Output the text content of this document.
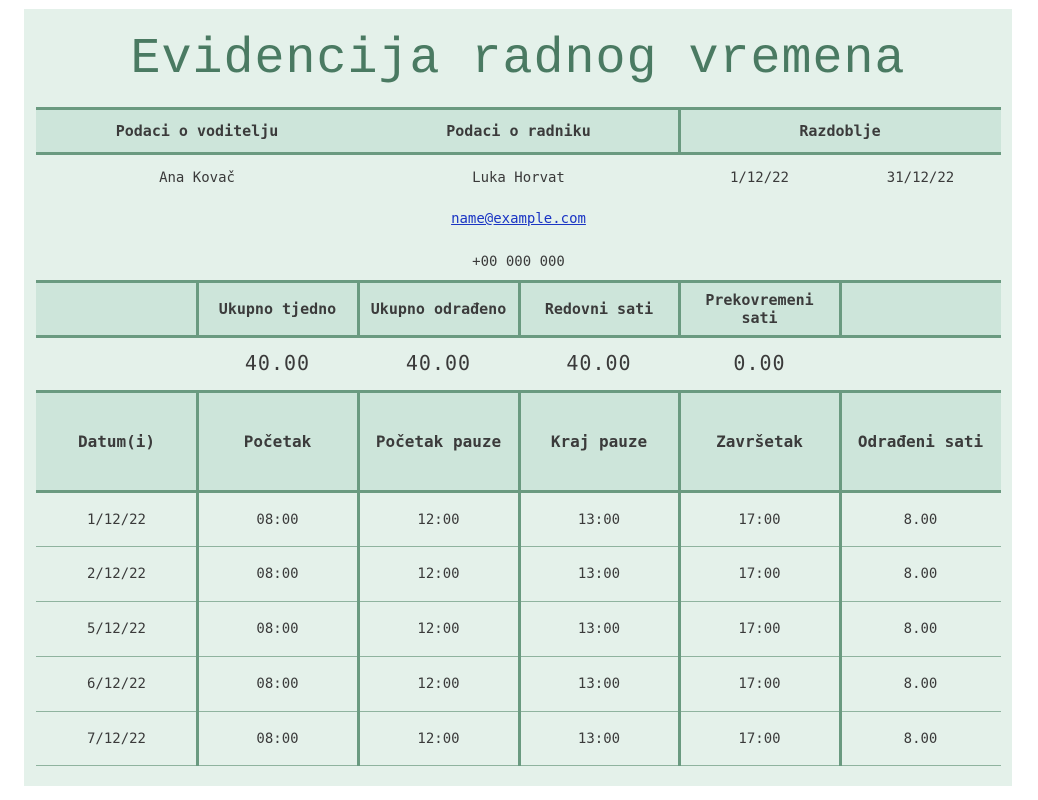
Evidencija radnog vremena
Podaci o voditelju	Podaci o radniku	Razdoblje
Ana Kovač	Luka Horvat	1/12/22	31/12/22
name@example.com
+00 000 000
Ukupno tjedno	Ukupno odrađeno	Redovni sati	Prekovremeni sati
40.00	40.00	40.00	0.00
Datum(i)	Početak	Početak pauze	Kraj pauze	Završetak	Odrađeni sati
1/12/22	08:00	12:00	13:00	17:00	8.00
2/12/22	08:00	12:00	13:00	17:00	8.00
5/12/22	08:00	12:00	13:00	17:00	8.00
6/12/22	08:00	12:00	13:00	17:00	8.00
7/12/22	08:00	12:00	13:00	17:00	8.00
